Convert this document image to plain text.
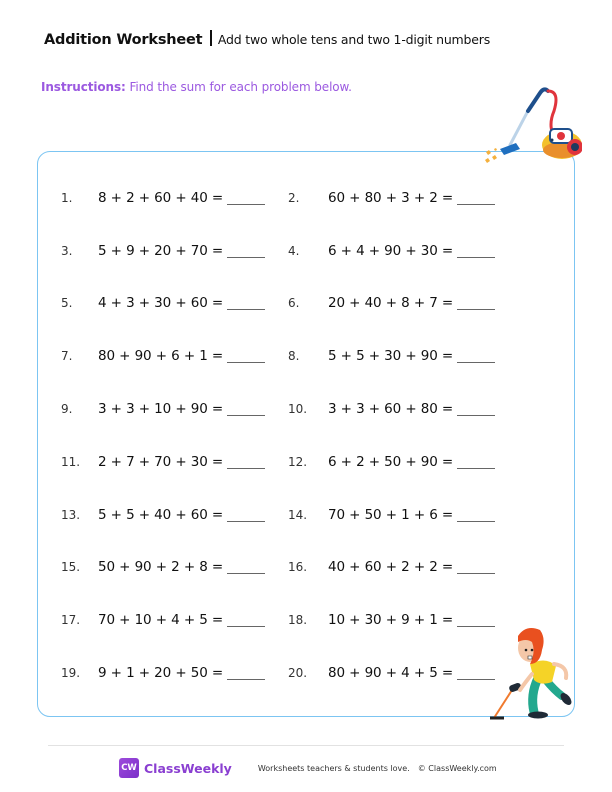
Addition Worksheet Add two whole tens and two 1-digit numbers
Instructions: Find the sum for each problem below.
1. 8 + 2 + 60 + 40 =	2. 60 + 80 + 3 + 2 =
3. 5 + 9 + 20 + 70 =	4. 6 + 4 + 90 + 30 =
5. 4 + 3 + 30 + 60 =	6. 20 + 40 + 8 + 7 =
7. 80 + 90 + 6 + 1 =	8. 5 + 5 + 30 + 90 =
9. 3 + 3 + 10 + 90 =	10. 3 + 3 + 60 + 80 =
11. 2 + 7 + 70 + 30 =	12. 6 + 2 + 50 + 90 =
13. 5 + 5 + 40 + 60 =	14. 70 + 50 + 1 + 6 =
15. 50 + 90 + 2 + 8 =	16. 40 + 60 + 2 + 2 =
17. 70 + 10 + 4 + 5 =	18. 10 + 30 + 9 + 1 =
19. 9 + 1 + 20 + 50 =	20. 80 + 90 + 4 + 5 =
CW ClassWeekly	Worksheets teachers & students love. © ClassWeekly.com
